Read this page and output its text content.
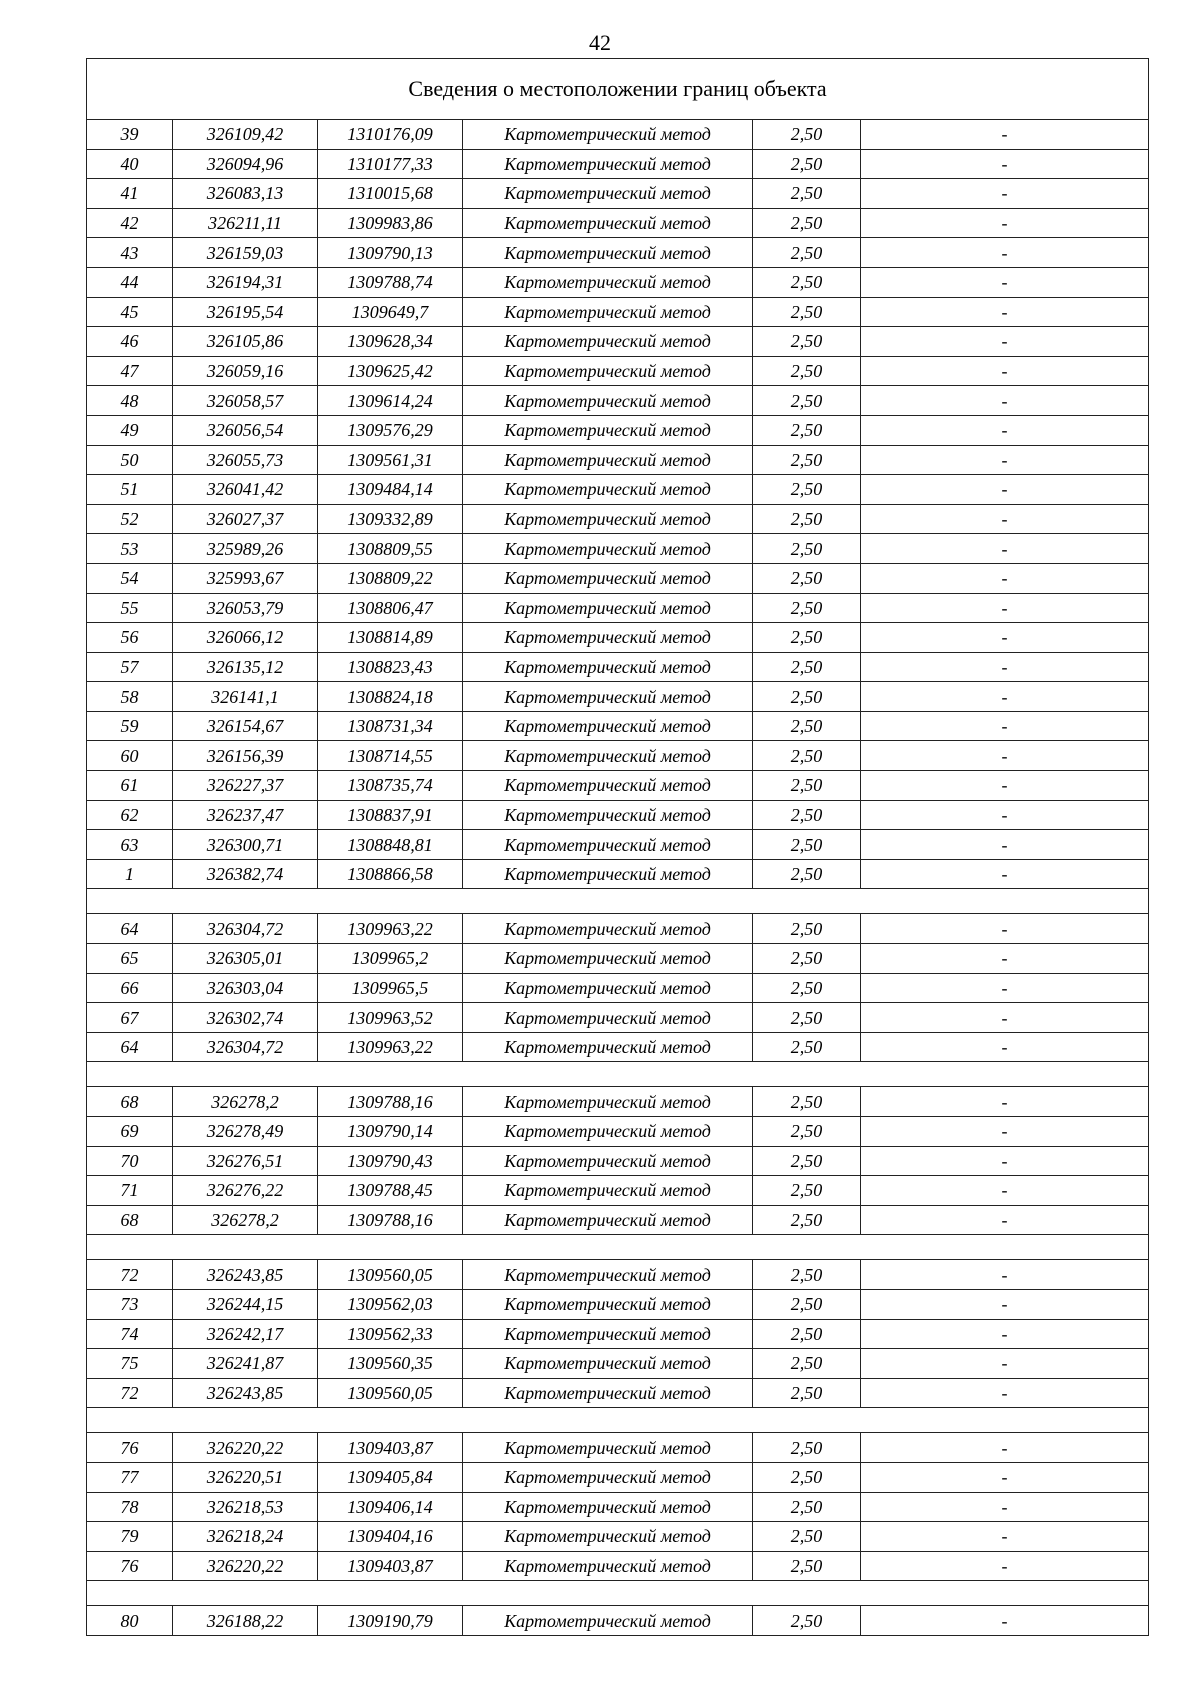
42
Сведения о местоположении границ объекта					
39	326109,42	1310176,09	Картометрический метод	2,50	-
40	326094,96	1310177,33	Картометрический метод	2,50	-
41	326083,13	1310015,68	Картометрический метод	2,50	-
42	326211,11	1309983,86	Картометрический метод	2,50	-
43	326159,03	1309790,13	Картометрический метод	2,50	-
44	326194,31	1309788,74	Картометрический метод	2,50	-
45	326195,54	1309649,7	Картометрический метод	2,50	-
46	326105,86	1309628,34	Картометрический метод	2,50	-
47	326059,16	1309625,42	Картометрический метод	2,50	-
48	326058,57	1309614,24	Картометрический метод	2,50	-
49	326056,54	1309576,29	Картометрический метод	2,50	-
50	326055,73	1309561,31	Картометрический метод	2,50	-
51	326041,42	1309484,14	Картометрический метод	2,50	-
52	326027,37	1309332,89	Картометрический метод	2,50	-
53	325989,26	1308809,55	Картометрический метод	2,50	-
54	325993,67	1308809,22	Картометрический метод	2,50	-
55	326053,79	1308806,47	Картометрический метод	2,50	-
56	326066,12	1308814,89	Картометрический метод	2,50	-
57	326135,12	1308823,43	Картометрический метод	2,50	-
58	326141,1	1308824,18	Картометрический метод	2,50	-
59	326154,67	1308731,34	Картометрический метод	2,50	-
60	326156,39	1308714,55	Картометрический метод	2,50	-
61	326227,37	1308735,74	Картометрический метод	2,50	-
62	326237,47	1308837,91	Картометрический метод	2,50	-
63	326300,71	1308848,81	Картометрический метод	2,50	-
1	326382,74	1308866,58	Картометрический метод	2,50	-

64	326304,72	1309963,22	Картометрический метод	2,50	-
65	326305,01	1309965,2	Картометрический метод	2,50	-
66	326303,04	1309965,5	Картометрический метод	2,50	-
67	326302,74	1309963,52	Картометрический метод	2,50	-
64	326304,72	1309963,22	Картометрический метод	2,50	-

68	326278,2	1309788,16	Картометрический метод	2,50	-
69	326278,49	1309790,14	Картометрический метод	2,50	-
70	326276,51	1309790,43	Картометрический метод	2,50	-
71	326276,22	1309788,45	Картометрический метод	2,50	-
68	326278,2	1309788,16	Картометрический метод	2,50	-

72	326243,85	1309560,05	Картометрический метод	2,50	-
73	326244,15	1309562,03	Картометрический метод	2,50	-
74	326242,17	1309562,33	Картометрический метод	2,50	-
75	326241,87	1309560,35	Картометрический метод	2,50	-
72	326243,85	1309560,05	Картометрический метод	2,50	-

76	326220,22	1309403,87	Картометрический метод	2,50	-
77	326220,51	1309405,84	Картометрический метод	2,50	-
78	326218,53	1309406,14	Картометрический метод	2,50	-
79	326218,24	1309404,16	Картометрический метод	2,50	-
76	326220,22	1309403,87	Картометрический метод	2,50	-

80	326188,22	1309190,79	Картометрический метод	2,50	-
